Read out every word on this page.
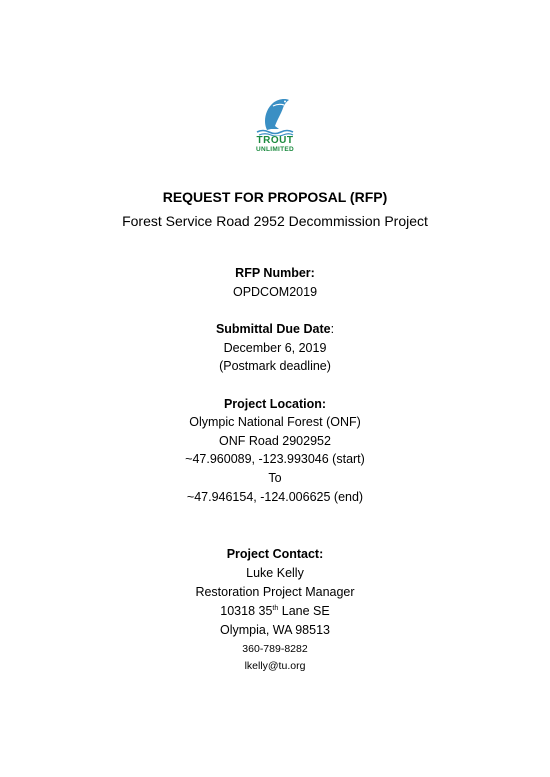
TROUT
UNLIMITED
REQUEST FOR PROPOSAL (RFP)
Forest Service Road 2952 Decommission Project
RFP Number:
OPDCOM2019
Submittal Due Date:
December 6, 2019
(Postmark deadline)
Project Location:
Olympic National Forest (ONF)
ONF Road 2902952
~47.960089, -123.993046 (start)
To
~47.946154, -124.006625 (end)
Project Contact:
Luke Kelly
Restoration Project Manager
10318 35th Lane SE
Olympia, WA 98513
360-789-8282
lkelly@tu.org
